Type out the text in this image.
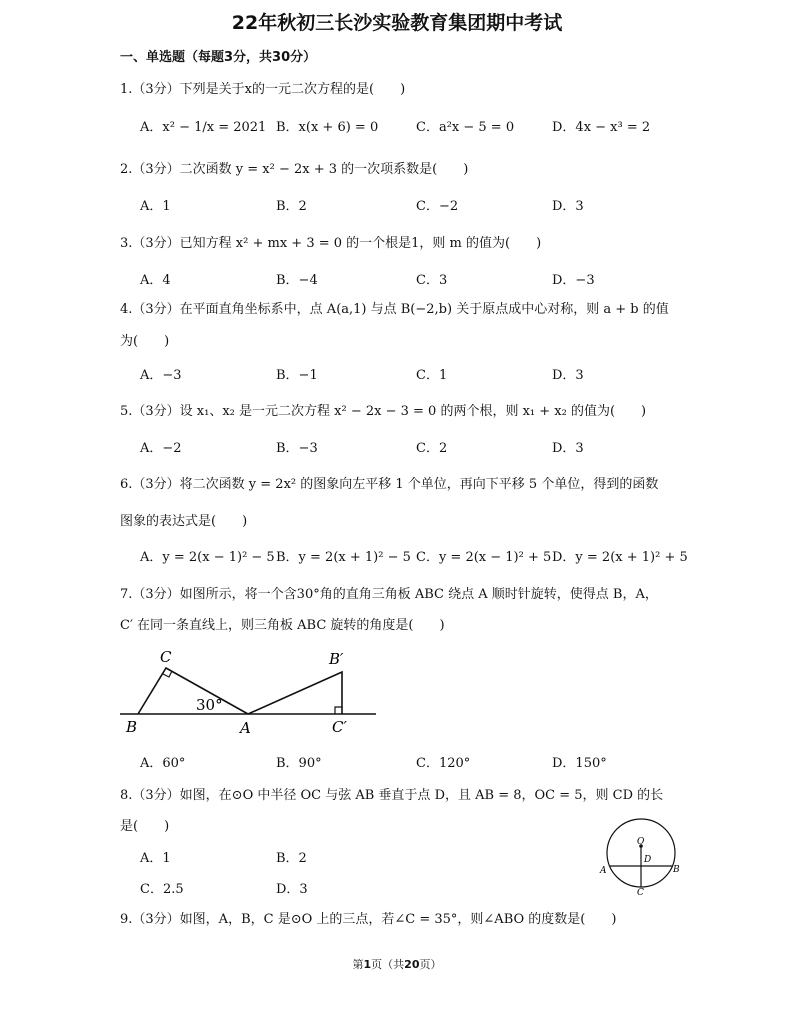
22年秋初三长沙实验教育集团期中考试
一、单选题（每题3分，共30分）
1.（3分）下列是关于x的一元二次方程的是(　　)
A．x² − 1/x = 2021 B．x(x + 6) = 0	C．a²x − 5 = 0	D．4x − x³ = 2
2.（3分）二次函数 y = x² − 2x + 3 的一次项系数是(　　)
A．1	B．2	C．−2	D．3
3.（3分）已知方程 x² + mx + 3 = 0 的一个根是1，则 m 的值为(　　)
A．4	B．−4	C．3	D．−3
4.（3分）在平面直角坐标系中，点 A(a,1) 与点 B(−2,b) 关于原点成中心对称，则 a + b 的值
为(　　)
A．−3	B．−1	C．1	D．3
5.（3分）设 x₁、x₂ 是一元二次方程 x² − 2x − 3 = 0 的两个根，则 x₁ + x₂ 的值为(　　)
A．−2	B．−3	C．2	D．3
6.（3分）将二次函数 y = 2x² 的图象向左平移 1 个单位，再向下平移 5 个单位，得到的函数
图象的表达式是(　　)
A．y = 2(x − 1)² − 5 B．y = 2(x + 1)² − 5 C．y = 2(x − 1)² + 5 D．y = 2(x + 1)² + 5
7.（3分）如图所示，将一个含30°角的直角三角板 ABC 绕点 A 顺时针旋转，使得点 B，A，
C′ 在同一条直线上，则三角板 ABC 旋转的角度是(　　)
C
B	A
B′
C′
30°
A．60°	B．90°	C．120°	D．150°
8.（3分）如图，在⊙O 中半径 OC 与弦 AB 垂直于点 D，且 AB = 8，OC = 5，则 CD 的长
是(　　)
A．1	B．2
C．2.5	D．3
O
D
A	B
C
9.（3分）如图，A，B，C 是⊙O 上的三点，若∠C = 35°，则∠ABO 的度数是(　　)
第1页（共20页）
